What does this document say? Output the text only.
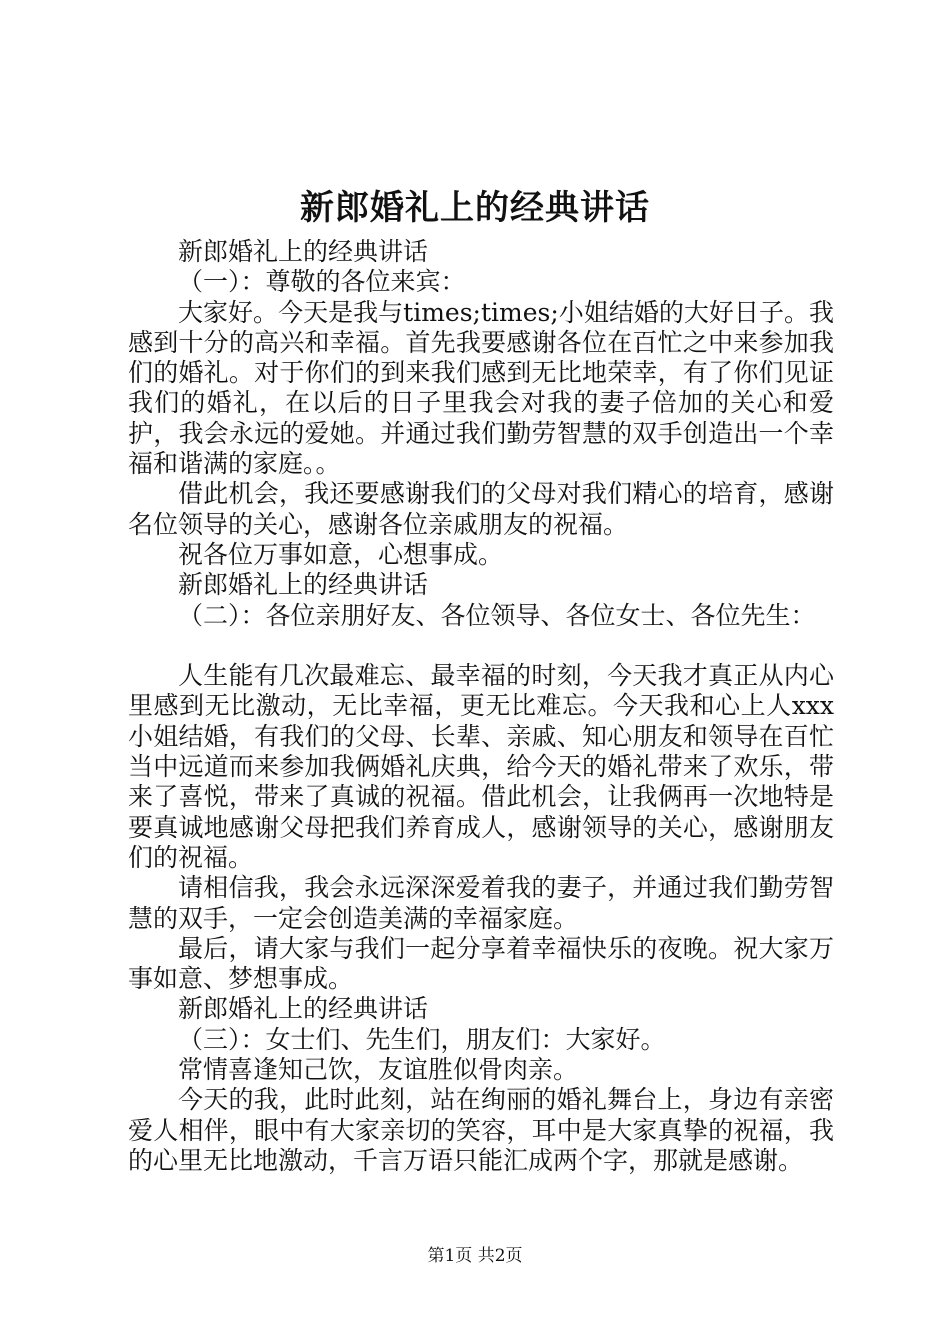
新郎婚礼上的经典讲话

新郎婚礼上的经典讲话

（一）：尊敬的各位来宾：

大家好。今天是我与times;times;小姐结婚的大好日子。我感到十分的高兴和幸福。首先我要感谢各位在百忙之中来参加我们的婚礼。对于你们的到来我们感到无比地荣幸，有了你们见证我们的婚礼，在以后的日子里我会对我的妻子倍加的关心和爱护，我会永远的爱她。并通过我们勤劳智慧的双手创造出一个幸福和谐满的家庭。。

借此机会，我还要感谢我们的父母对我们精心的培育，感谢名位领导的关心，感谢各位亲戚朋友的祝福。

祝各位万事如意，心想事成。

新郎婚礼上的经典讲话

（二）：各位亲朋好友、各位领导、各位女士、各位先生：

人生能有几次最难忘、最幸福的时刻，今天我才真正从内心里感到无比激动，无比幸福，更无比难忘。今天我和心上人xxx小姐结婚，有我们的父母、长辈、亲戚、知心朋友和领导在百忙当中远道而来参加我俩婚礼庆典，给今天的婚礼带来了欢乐，带来了喜悦，带来了真诚的祝福。借此机会，让我俩再一次地特是要真诚地感谢父母把我们养育成人，感谢领导的关心，感谢朋友们的祝福。

请相信我，我会永远深深爱着我的妻子，并通过我们勤劳智慧的双手，一定会创造美满的幸福家庭。

最后，请大家与我们一起分享着幸福快乐的夜晚。祝大家万事如意、梦想事成。

新郎婚礼上的经典讲话

（三）：女士们、先生们，朋友们：大家好。

常情喜逢知己饮，友谊胜似骨肉亲。

今天的我，此时此刻，站在绚丽的婚礼舞台上，身边有亲密爱人相伴，眼中有大家亲切的笑容，耳中是大家真挚的祝福，我的心里无比地激动，千言万语只能汇成两个字，那就是感谢。

第1页 共2页
